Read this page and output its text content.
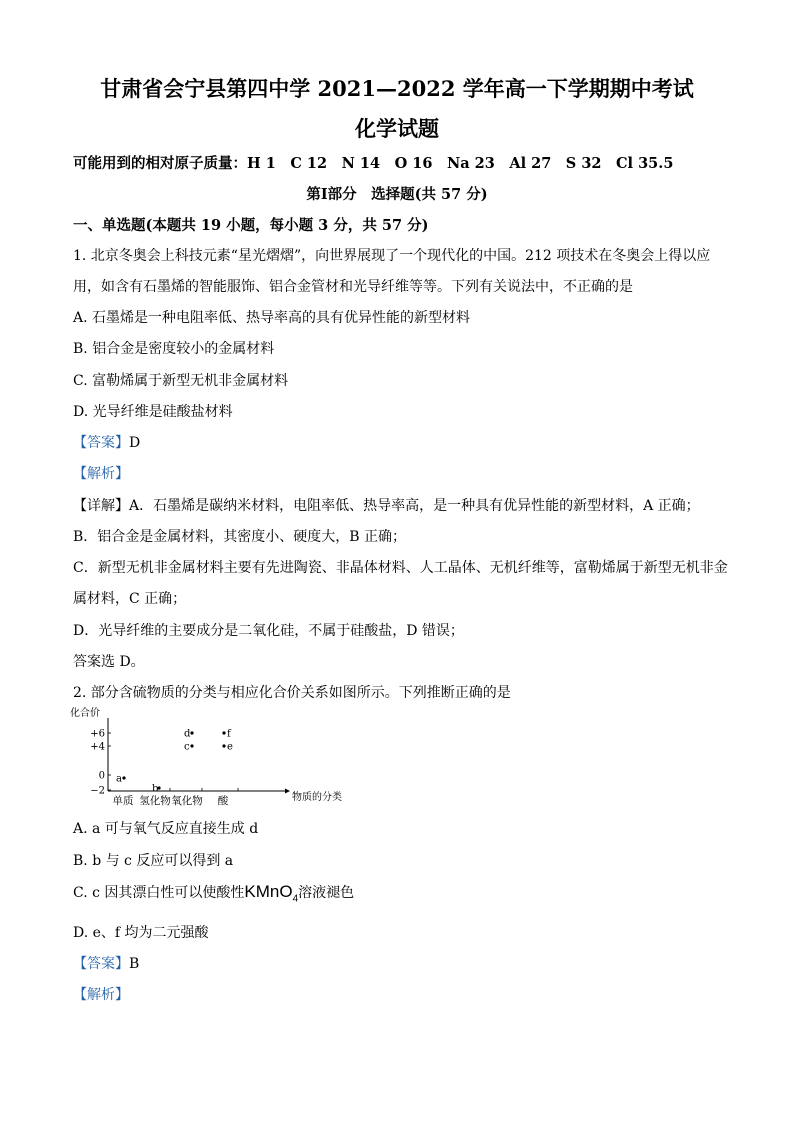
甘肃省会宁县第四中学 2021—2022 学年高一下学期期中考试
化学试题
可能用到的相对原子质量：H 1　C 12　N 14　O 16　Na 23　Al 27　S 32　Cl 35.5
第Ⅰ部分　选择题(共 57 分)
一、单选题(本题共 19 小题，每小题 3 分，共 57 分)
1. 北京冬奥会上科技元素“星光熠熠”，向世界展现了一个现代化的中国。212 项技术在冬奥会上得以应
用，如含有石墨烯的智能服饰、铝合金管材和光导纤维等等。下列有关说法中，不正确的是
A. 石墨烯是一种电阻率低、热导率高的具有优异性能的新型材料
B. 铝合金是密度较小的金属材料
C. 富勒烯属于新型无机非金属材料
D. 光导纤维是硅酸盐材料
【答案】D
【解析】
【详解】A．石墨烯是碳纳米材料，电阻率低、热导率高，是一种具有优异性能的新型材料，A 正确；
B．铝合金是金属材料，其密度小、硬度大，B 正确；
C．新型无机非金属材料主要有先进陶瓷、非晶体材料、人工晶体、无机纤维等，富勒烯属于新型无机非金
属材料，C 正确；
D．光导纤维的主要成分是二氧化硅，不属于硅酸盐，D 错误；
答案选 D。
2. 部分含硫物质的分类与相应化合价关系如图所示。下列推断正确的是
化合价
物质的分类
+6
+4
0
−2
单质 氢化物 氧化物 酸
a
b
c
d
e
f
A. a 可与氧气反应直接生成 d
B. b 与 c 反应可以得到 a
C. c 因其漂白性可以使酸性KMnO$_4$溶液褪色
D. e、f 均为二元强酸
【答案】B
【解析】
